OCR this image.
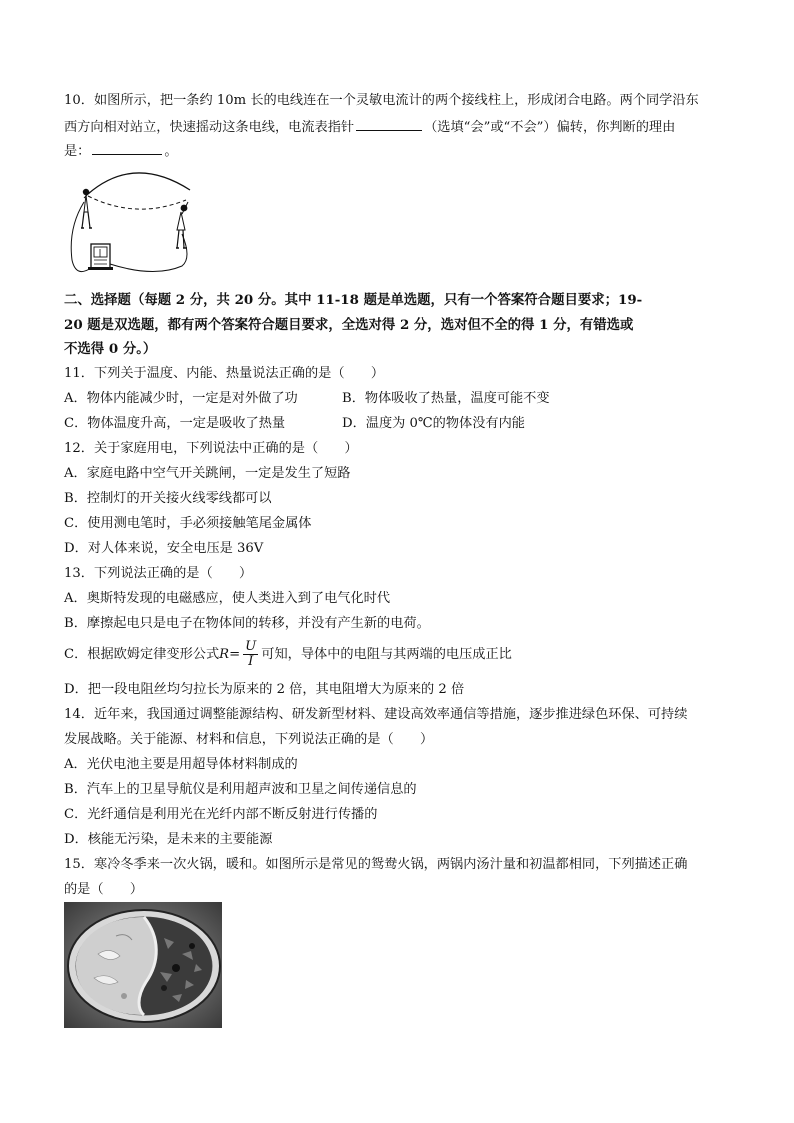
10．如图所示，把一条约 10m 长的电线连在一个灵敏电流计的两个接线柱上，形成闭合电路。两个同学沿东
西方向相对站立，快速摇动这条电线，电流表指针	（选填“会”或“不会”）偏转，你判断的理由
是：	。
二、选择题（每题 2 分，共 20 分。其中 11-18 题是单选题，只有一个答案符合题目要求；19-
20 题是双选题，都有两个答案符合题目要求，全选对得 2 分，选对但不全的得 1 分，有错选或
不选得 0 分。）
11．下列关于温度、内能、热量说法正确的是（　　）
A．物体内能减少时，一定是对外做了功	B．物体吸收了热量，温度可能不变
C．物体温度升高，一定是吸收了热量	D．温度为 0℃的物体没有内能
12．关于家庭用电，下列说法中正确的是（　　）
A．家庭电路中空气开关跳闸，一定是发生了短路
B．控制灯的开关接火线零线都可以
C．使用测电笔时，手必须接触笔尾金属体
D．对人体来说，安全电压是 36V
13．下列说法正确的是（　　）
A．奥斯特发现的电磁感应，使人类进入到了电气化时代
B．摩擦起电只是电子在物体间的转移，并没有产生新的电荷。
C．根据欧姆定律变形公式$R= \frac{U}{I}$ 可知，导体中的电阻与其两端的电压成正比
D．把一段电阻丝均匀拉长为原来的 2 倍，其电阻增大为原来的 2 倍
14．近年来，我国通过调整能源结构、研发新型材料、建设高效率通信等措施，逐步推进绿色环保、可持续
发展战略。关于能源、材料和信息，下列说法正确的是（　　）
A．光伏电池主要是用超导体材料制成的
B．汽车上的卫星导航仪是利用超声波和卫星之间传递信息的
C．光纤通信是利用光在光纤内部不断反射进行传播的
D．核能无污染，是未来的主要能源
15．寒冷冬季来一次火锅，暖和。如图所示是常见的鸳鸯火锅，两锅内汤汁量和初温都相同，下列描述正确
的是（　　）
